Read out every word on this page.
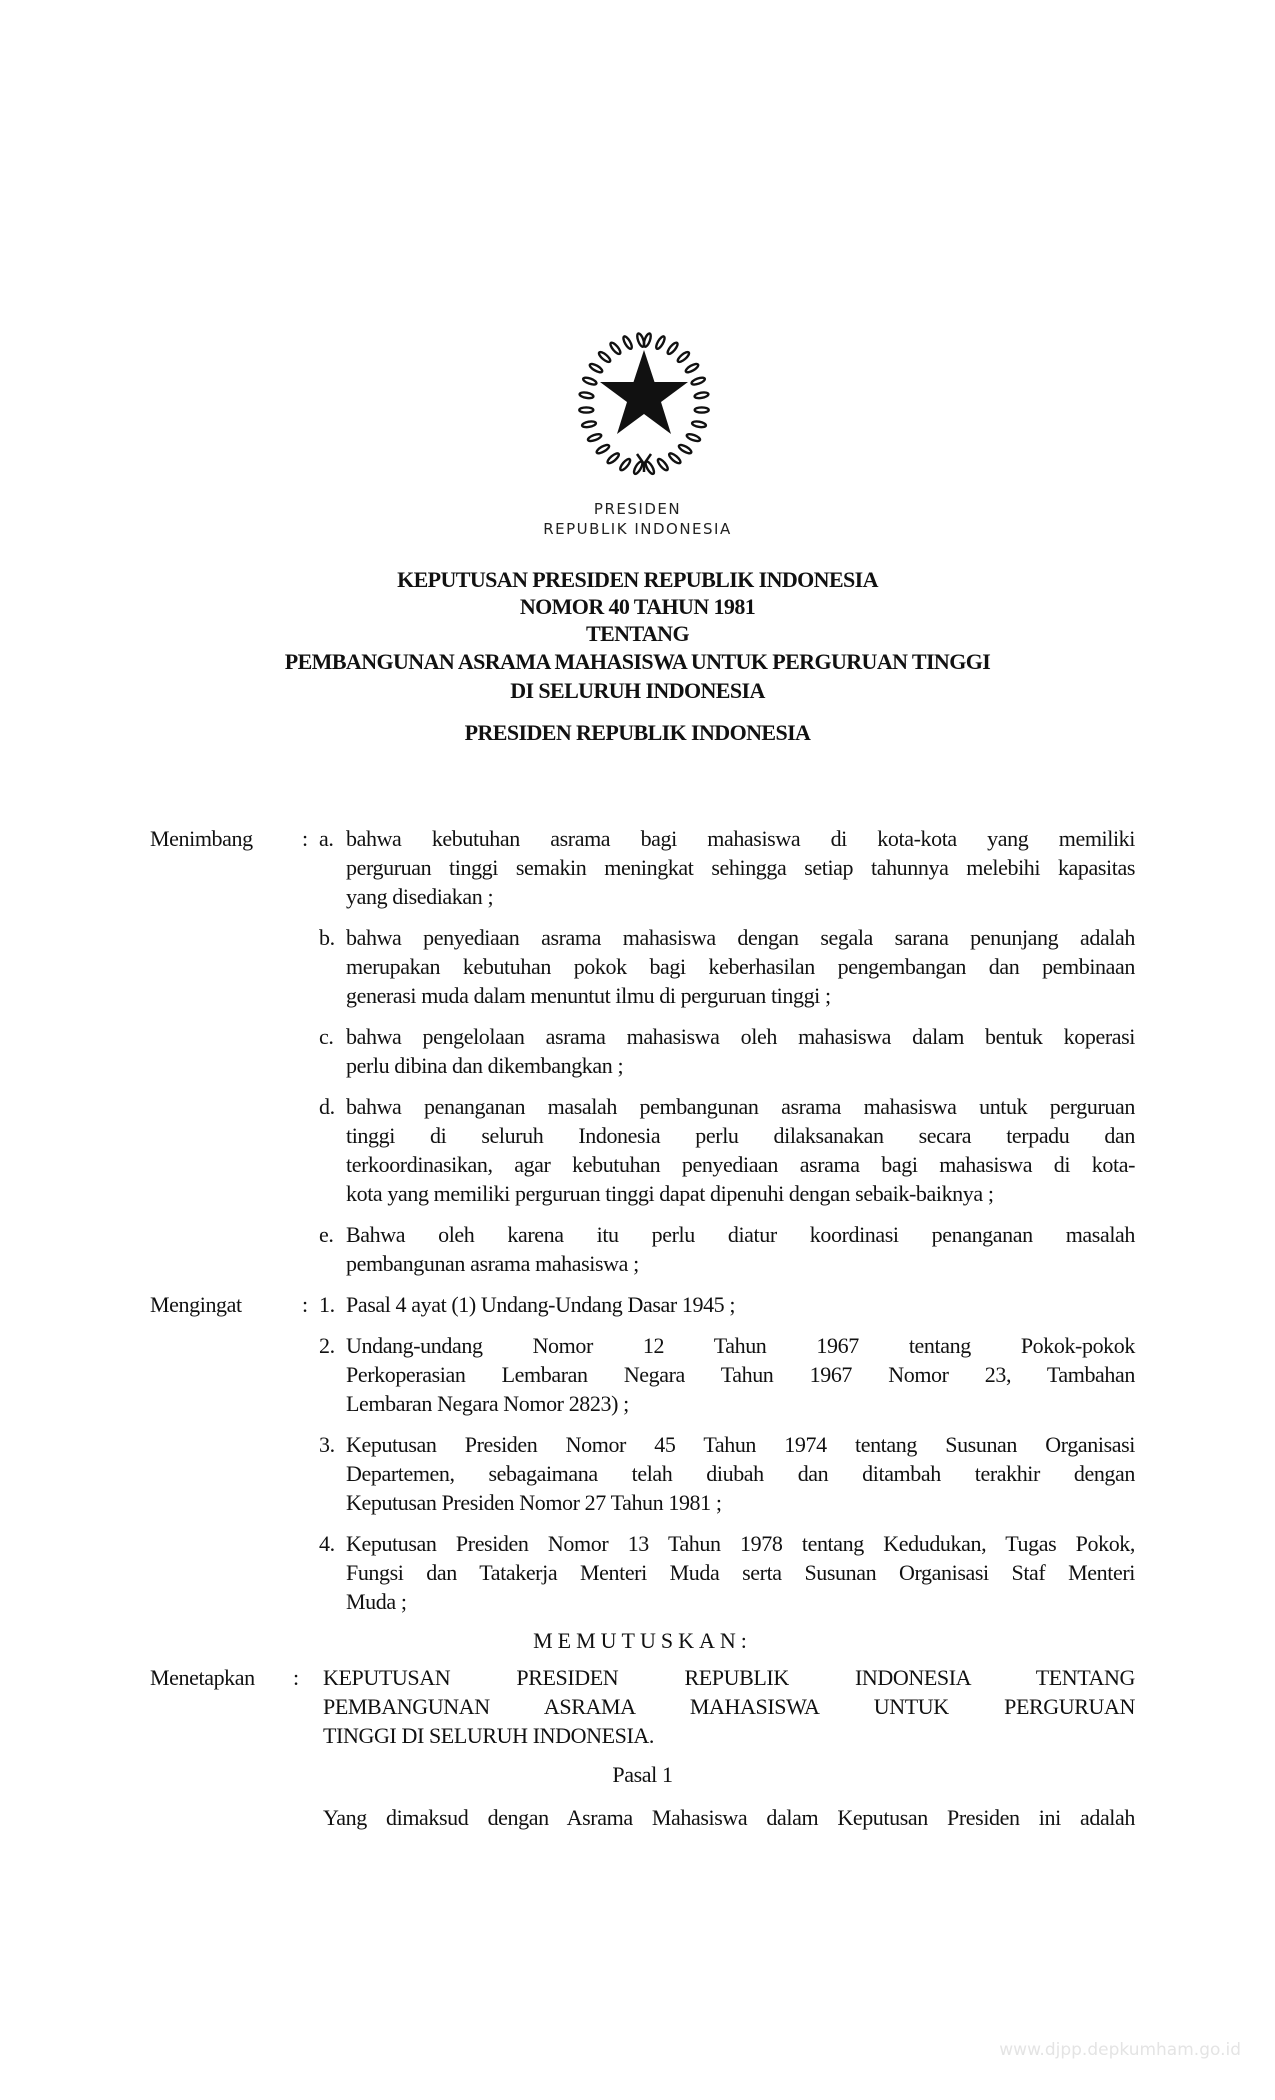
PRESIDEN
REPUBLIK INDONESIA
KEPUTUSAN PRESIDEN REPUBLIK INDONESIA
NOMOR 40 TAHUN 1981
TENTANG
PEMBANGUNAN ASRAMA MAHASISWA UNTUK PERGURUAN TINGGI
DI SELURUH INDONESIA
PRESIDEN REPUBLIK INDONESIA
Menimbang : a. bahwa kebutuhan asrama bagi mahasiswa di kota-kota yang memiliki
perguruan tinggi semakin meningkat sehingga setiap tahunnya melebihi kapasitas
yang disediakan ;
b. bahwa penyediaan asrama mahasiswa dengan segala sarana penunjang adalah
merupakan kebutuhan pokok bagi keberhasilan pengembangan dan pembinaan
generasi muda dalam menuntut ilmu di perguruan tinggi ;
c. bahwa pengelolaan asrama mahasiswa oleh mahasiswa dalam bentuk koperasi
perlu dibina dan dikembangkan ;
d. bahwa penanganan masalah pembangunan asrama mahasiswa untuk perguruan
tinggi di seluruh Indonesia perlu dilaksanakan secara terpadu dan
terkoordinasikan, agar kebutuhan penyediaan asrama bagi mahasiswa di kota-
kota yang memiliki perguruan tinggi dapat dipenuhi dengan sebaik-baiknya ;
e. Bahwa oleh karena itu perlu diatur koordinasi penanganan masalah
pembangunan asrama mahasiswa ;
Mengingat	: 1. Pasal 4 ayat (1) Undang-Undang Dasar 1945 ;
2. Undang-undang Nomor 12 Tahun 1967 tentang Pokok-pokok
Perkoperasian Lembaran Negara Tahun 1967 Nomor 23, Tambahan
Lembaran Negara Nomor 2823) ;
3. Keputusan Presiden Nomor 45 Tahun 1974 tentang Susunan Organisasi
Departemen, sebagaimana telah diubah dan ditambah terakhir dengan
Keputusan Presiden Nomor 27 Tahun 1981 ;
4. Keputusan Presiden Nomor 13 Tahun 1978 tentang Kedudukan, Tugas Pokok,
Fungsi dan Tatakerja Menteri Muda serta Susunan Organisasi Staf Menteri
Muda ;
MEMUTUSKAN:
Menetapkan : KEPUTUSAN PRESIDEN REPUBLIK INDONESIA TENTANG
PEMBANGUNAN ASRAMA MAHASISWA UNTUK PERGURUAN
TINGGI DI SELURUH INDONESIA.
Pasal 1
Yang dimaksud dengan Asrama Mahasiswa dalam Keputusan Presiden ini adalah
www.djpp.depkumham.go.id
